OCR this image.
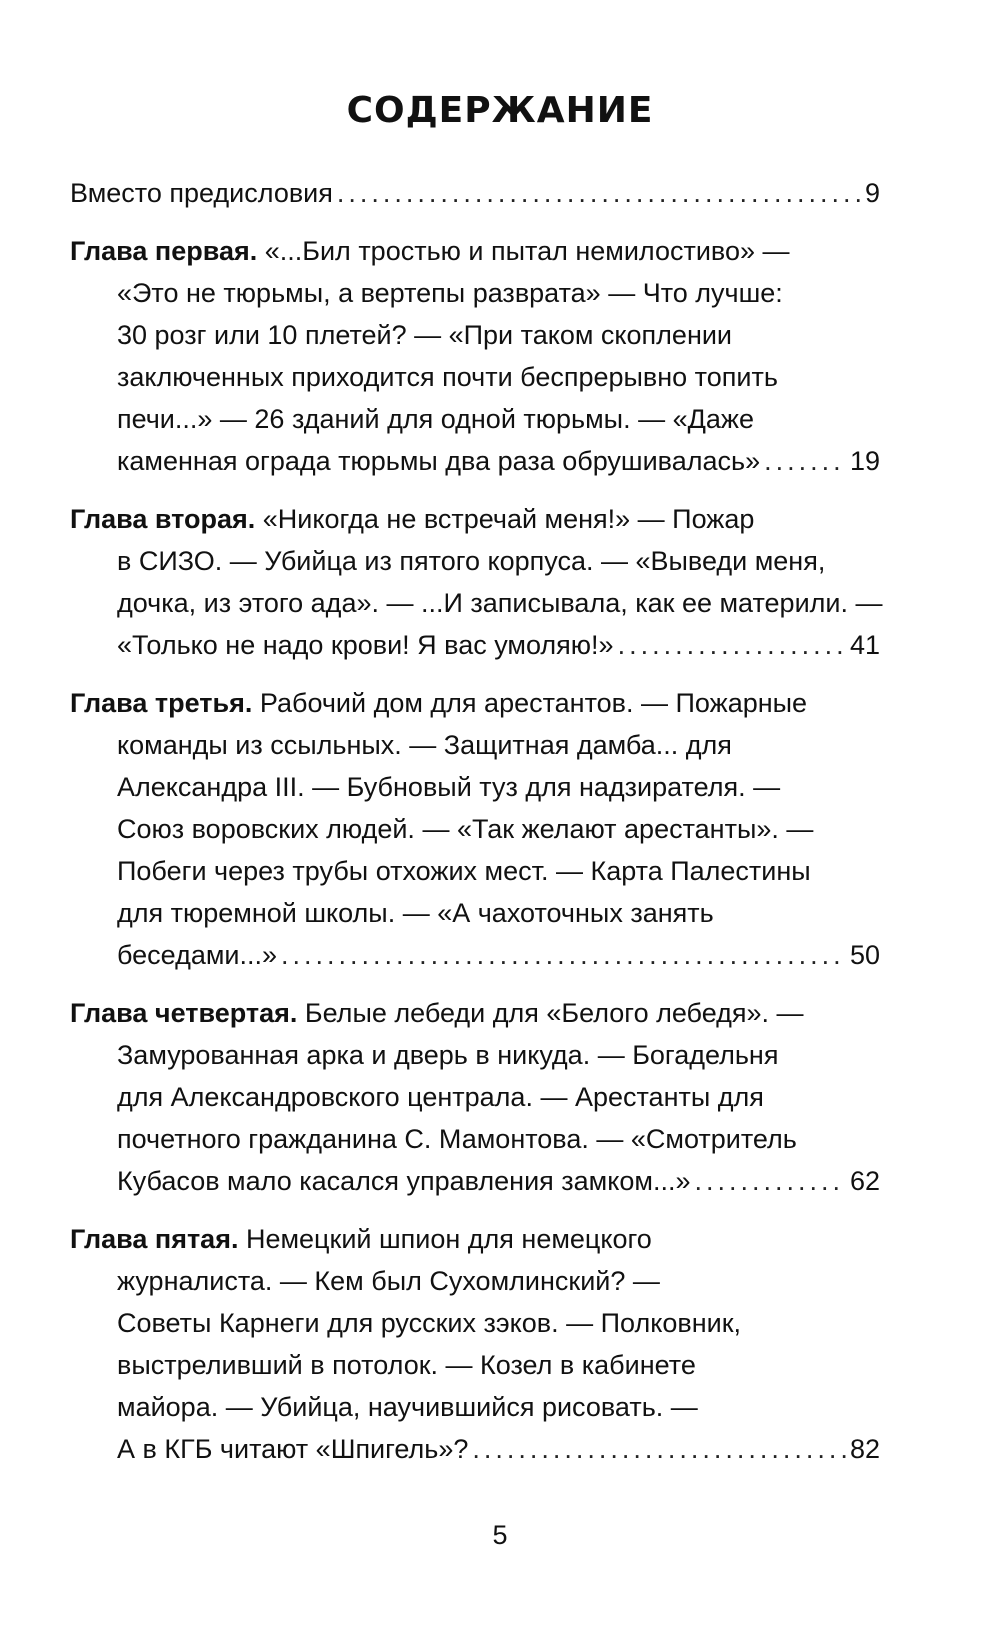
СОДЕРЖАНИЕ
Вместо предисловия .....	9
Глава первая. «...Бил тростью и пытал немилостиво» —
«Это не тюрьмы, а вертепы разврата» — Что лучше:
30 розг или 10 плетей? — «При таком скоплении
заключенных приходится почти беспрерывно топить
печи...» — 26 зданий для одной тюрьмы. — «Даже
каменная ограда тюрьмы два раза обрушивалась» .....	19
Глава вторая. «Никогда не встречай меня!» — Пожар
в СИЗО. — Убийца из пятого корпуса. — «Выведи меня,
дочка, из этого ада». — ...И записывала, как ее материли. —
«Только не надо крови! Я вас умоляю!» .....	41
Глава третья. Рабочий дом для арестантов. — Пожарные
команды из ссыльных. — Защитная дамба... для
Александра III. — Бубновый туз для надзирателя. —
Союз воровских людей. — «Так желают арестанты». —
Побеги через трубы отхожих мест. — Карта Палестины
для тюремной школы. — «А чахоточных занять
беседами...» .....	50
Глава четвертая. Белые лебеди для «Белого лебедя». —
Замурованная арка и дверь в никуда. — Богадельня
для Александровского централа. — Арестанты для
почетного гражданина С. Мамонтова. — «Смотритель
Кубасов мало касался управления замком...» .....	62
Глава пятая. Немецкий шпион для немецкого
журналиста. — Кем был Сухомлинский? —
Советы Карнеги для русских зэков. — Полковник,
выстреливший в потолок. — Козел в кабинете
майора. — Убийца, научившийся рисовать. —
А в КГБ читают «Шпигель»? .....	82
5
